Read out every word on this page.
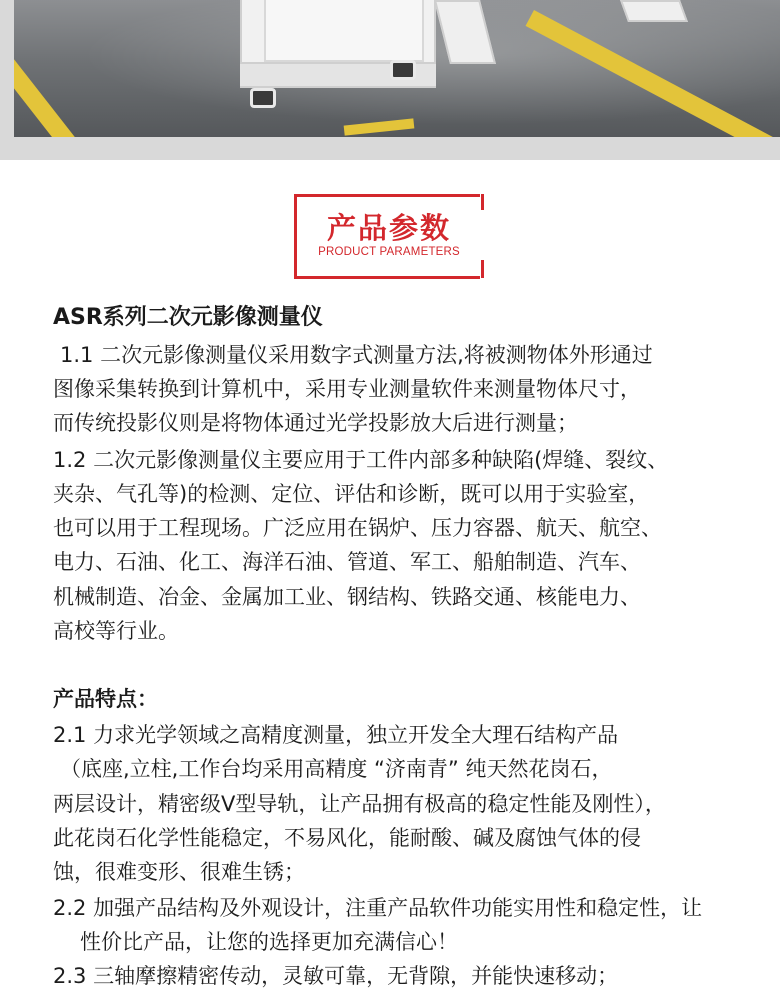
产品参数
PRODUCT PARAMETERS
ASR系列二次元影像测量仪
1.1 二次元影像测量仪采用数字式测量方法,将被测物体外形通过
图像采集转换到计算机中，采用专业测量软件来测量物体尺寸，
而传统投影仪则是将物体通过光学投影放大后进行测量；
1.2 二次元影像测量仪主要应用于工件内部多种缺陷(焊缝、裂纹、
夹杂、气孔等)的检测、定位、评估和诊断，既可以用于实验室，
也可以用于工程现场。广泛应用在锅炉、压力容器、航天、航空、
电力、石油、化工、海洋石油、管道、军工、船舶制造、汽车、
机械制造、冶金、金属加工业、钢结构、铁路交通、核能电力、
高校等行业。
产品特点：
2.1 力求光学领域之高精度测量，独立开发全大理石结构产品
（底座,立柱,工作台均采用高精度 “济南青” 纯天然花岗石，
两层设计，精密级V型导轨，让产品拥有极高的稳定性能及刚性），
此花岗石化学性能稳定，不易风化，能耐酸、碱及腐蚀气体的侵
蚀，很难变形、很难生锈；
2.2 加强产品结构及外观设计，注重产品软件功能实用性和稳定性，让
性价比产品，让您的选择更加充满信心！
2.3 三轴摩擦精密传动，灵敏可靠，无背隙，并能快速移动；
